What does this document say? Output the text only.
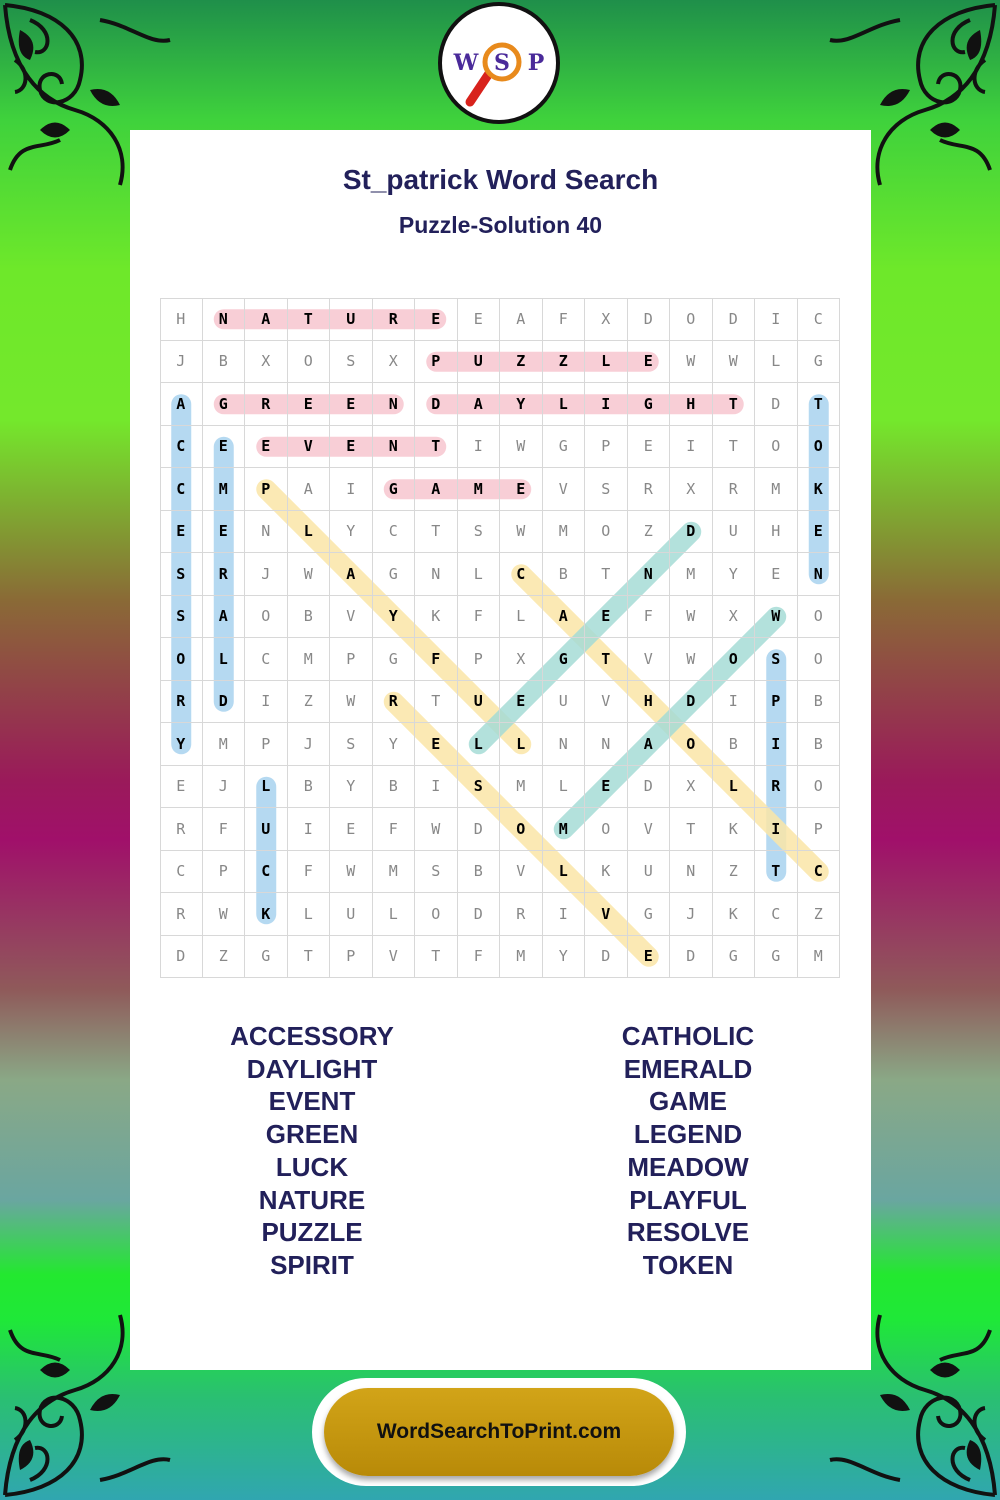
W S P
St_patrick Word Search
Puzzle-Solution 40
H	N	A	T	U	R	E	E	A	F	X	D	O	D	I	C
J	B	X	O	S	X	P	U	Z	Z	L	E	W	W	L	G
A	G	R	E	E	N	D	A	Y	L	I	G	H	T	D	T
C	E	E	V	E	N	T	I	W	G	P	E	I	T	O	O
C	M	P	A	I	G	A	M	E	V	S	R	X	R	M	K
E	E	N	L	Y	C	T	S	W	M	O	Z	D	U	H	E
S	R	J	W	A	G	N	L	C	B	T	N	M	Y	E	N
S	A	O	B	V	Y	K	F	L	A	E	F	W	X	W	O
O	L	C	M	P	G	F	P	X	G	T	V	W	O	S	O
R	D	I	Z	W	R	T	U	E	U	V	H	D	I	P	B
Y	M	P	J	S	Y	E	L	L	N	N	A	O	B	I	B
E	J	L	B	Y	B	I	S	M	L	E	D	X	L	R	O
R	F	U	I	E	F	W	D	O	M	O	V	T	K	I	P
C	P	C	F	W	M	S	B	V	L	K	U	N	Z	T	C
R	W	K	L	U	L	O	D	R	I	V	G	J	K	C	Z
D	Z	G	T	P	V	T	F	M	Y	D	E	D	G	G	M
ACCESSORY
DAYLIGHT
EVENT
GREEN
LUCK
NATURE
PUZZLE
SPIRIT
CATHOLIC
EMERALD
GAME
LEGEND
MEADOW
PLAYFUL
RESOLVE
TOKEN
WordSearchToPrint.com
